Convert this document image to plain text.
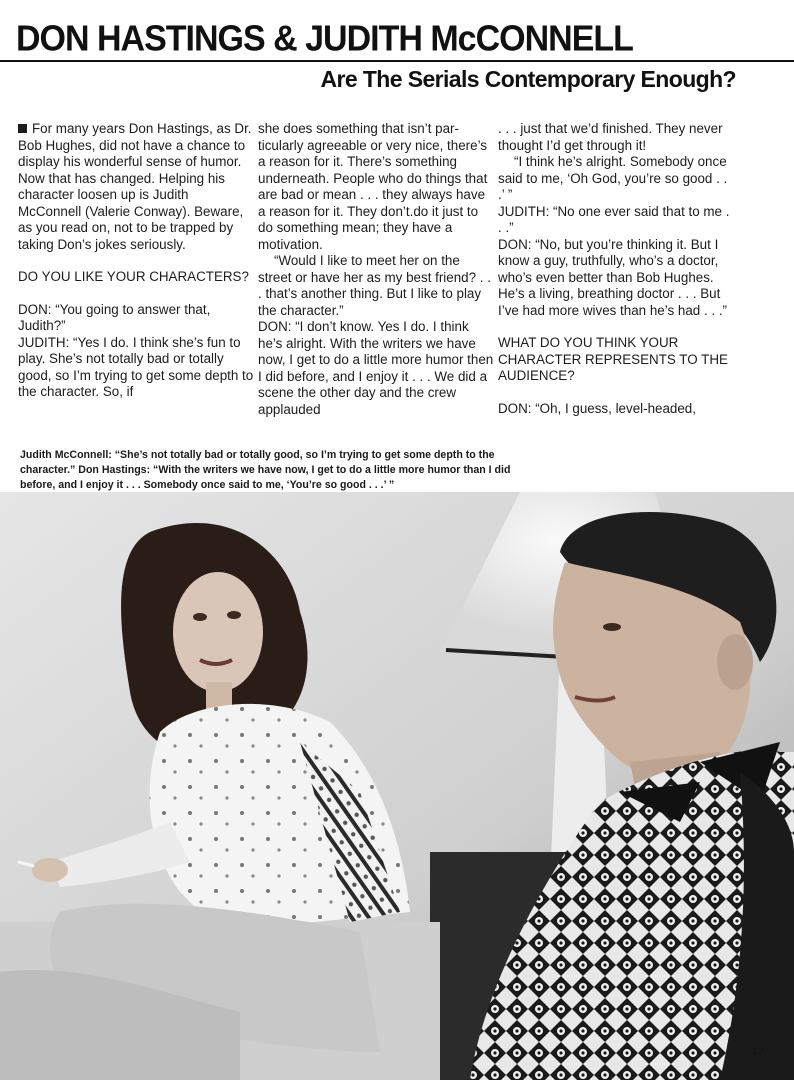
DON HASTINGS & JUDITH McCONNELL
Are The Serials Contemporary Enough?

For many years Don Hastings, as Dr. Bob Hughes, did not have a chance to display his wonderful sense of humor. Now that has changed. Helping his character loosen up is Judith McConnell (Valerie Conway). Beware, as you read on, not to be trapped by taking Don’s jokes seriously.

DO YOU LIKE YOUR CHARACTERS?

DON: “You going to answer that, Judith?”

JUDITH: “Yes I do. I think she’s fun to play. She’s not totally bad or totally good, so I’m trying to get some depth to the character. So, if

she does something that isn’t particularly agreeable or very nice, there’s a reason for it. There’s something underneath. People who do things that are bad or mean . . . they always have a reason for it. They don’t.do it just to do something mean; they have a motivation.

“Would I like to meet her on the street or have her as my best friend? . . . that’s another thing. But I like to play the character.”

DON: “I don’t know. Yes I do. I think he’s alright. With the writers we have now, I get to do a little more humor then I did before, and I enjoy it . . . We did a scene the other day and the crew applauded

. . . just that we’d finished. They never thought I’d get through it!

“I think he’s alright. Somebody once said to me, ‘Oh God, you’re so good . . .’ ”

JUDITH: “No one ever said that to me . . .”

DON: “No, but you’re thinking it. But I know a guy, truthfully, who’s a doctor, who’s even better than Bob Hughes. He’s a living, breathing doctor . . . But I’ve had more wives than he’s had . . .”

WHAT DO YOU THINK YOUR CHARACTER REPRESENTS TO THE AUDIENCE?

DON: “Oh, I guess, level-headed,

Judith McConnell: “She’s not totally bad or totally good, so I’m trying to get some depth to the character.” Don Hastings: “With the writers we have now, I get to do a little more humor than I did before, and I enjoy it . . . Somebody once said to me, ‘You’re so good . . .’ ”

17
